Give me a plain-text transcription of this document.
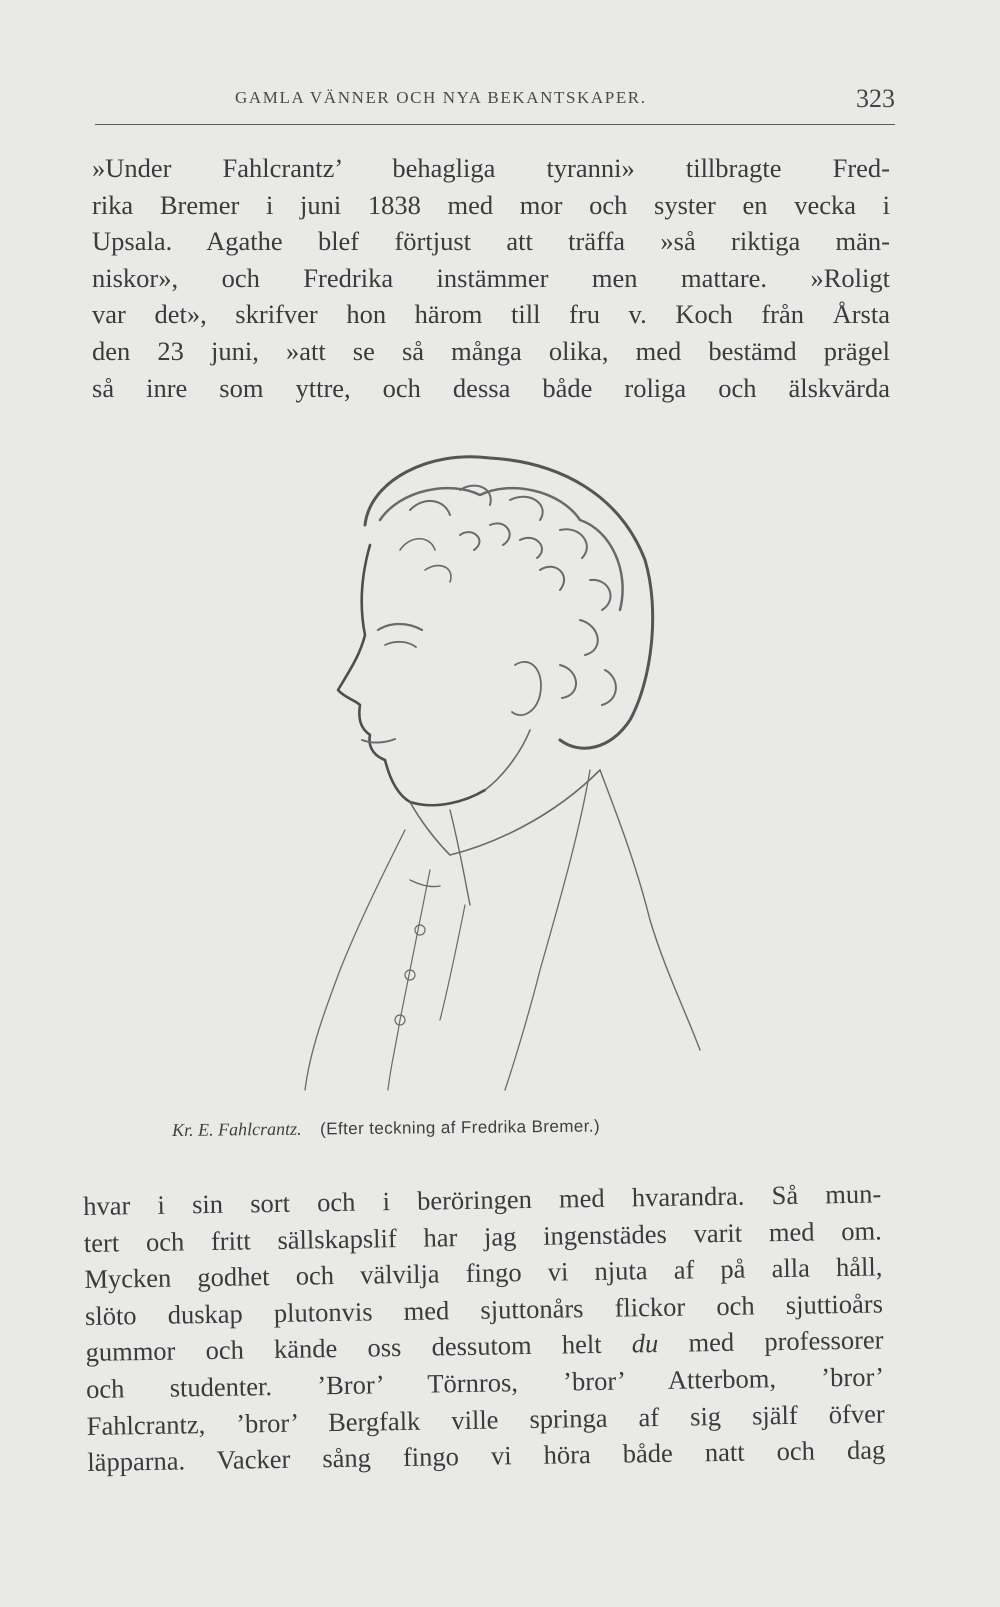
GAMLA VÄNNER OCH NYA BEKANTSKAPER.	323
»Under Fahlcrantz’ behagliga tyranni» tillbragte Fred-
rika Bremer i juni 1838 med mor och syster en vecka i
Upsala. Agathe blef förtjust att träffa »så riktiga män-
niskor», och Fredrika instämmer men mattare. »Roligt
var det», skrifver hon härom till fru v. Koch från Årsta
den 23 juni, »att se så många olika, med bestämd prägel
så inre som yttre, och dessa både roliga och älskvärda
Kr. E. Fahlcrantz. (Efter teckning af Fredrika Bremer.)
hvar i sin sort och i beröringen med hvarandra. Så mun-
tert och fritt sällskapslif har jag ingenstädes varit med om.
Mycken godhet och välvilja fingo vi njuta af på alla håll,
slöto duskap plutonvis med sjuttonårs flickor och sjuttioårs
gummor och kände oss dessutom helt du med professorer
och studenter. ’Bror’ Törnros, ’bror’ Atterbom, ’bror’
Fahlcrantz, ’bror’ Bergfalk ville springa af sig själf öfver
läpparna. Vacker sång fingo vi höra både natt och dag
